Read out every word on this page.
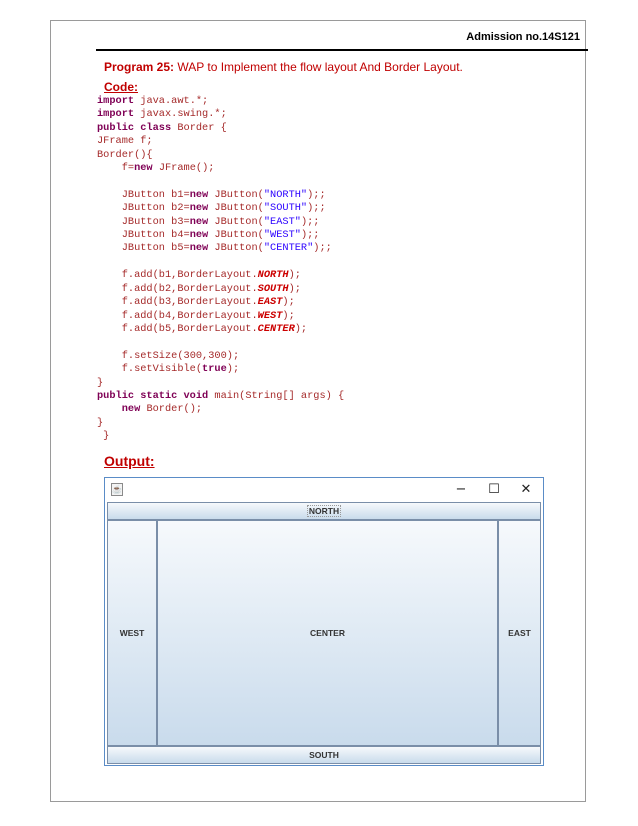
Admission no.14S121
Program 25: WAP to Implement the flow layout And Border Layout.
Code:
import java.awt.*;
import javax.swing.*;
public class Border {
JFrame f;
Border(){
f=new JFrame();

JButton b1=new JButton("NORTH");;
JButton b2=new JButton("SOUTH");;
JButton b3=new JButton("EAST");;
JButton b4=new JButton("WEST");;
JButton b5=new JButton("CENTER");;

f.add(b1,BorderLayout.NORTH);
f.add(b2,BorderLayout.SOUTH);
f.add(b3,BorderLayout.EAST);
f.add(b4,BorderLayout.WEST);
f.add(b5,BorderLayout.CENTER);

f.setSize(300,300);
f.setVisible(true);
}
public static void main(String[] args) {
new Border();
}
}
Output:
☕	−	☐	✕
NORTH
WEST	CENTER	EAST
SOUTH
